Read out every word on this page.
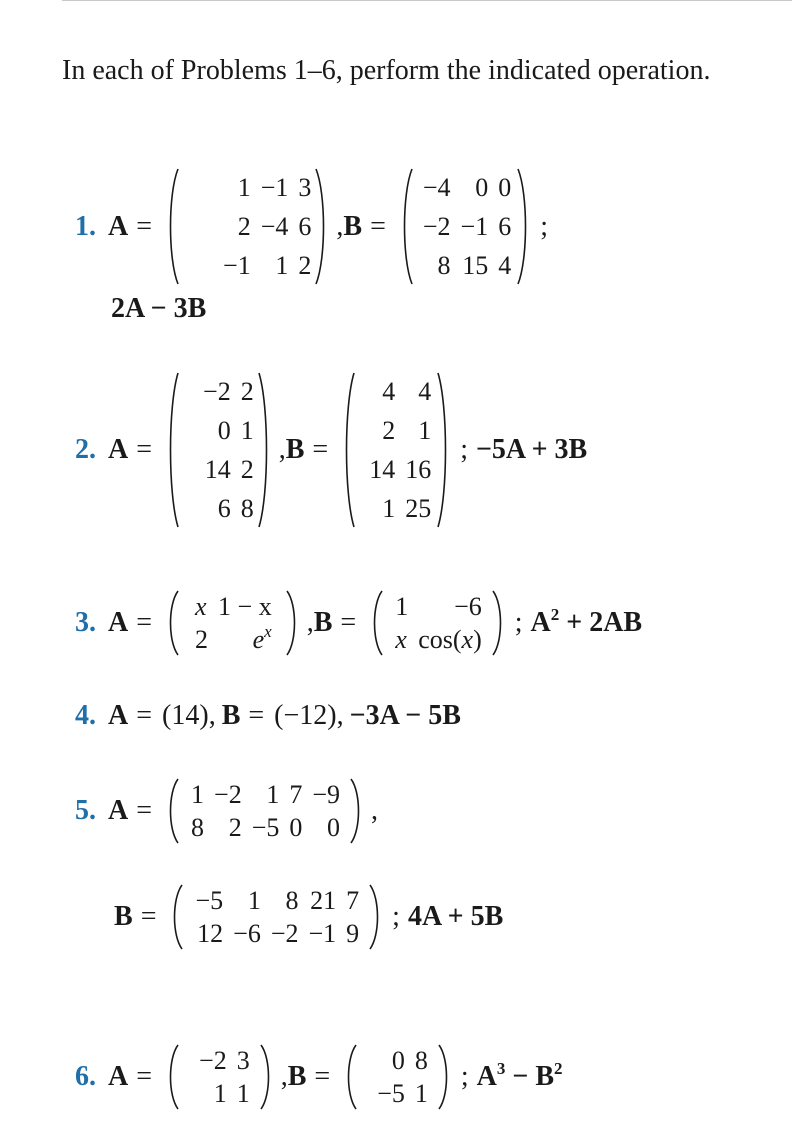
In each of Problems 1–6, perform the indicated operation.
1. A =
1	−1	3
2	−4	6
−1	1	2
, B =
−4	0	0
−2	−1	6
8	15	4
;
2A − 3B
2. A =
−2	2
0	1
14	2
6	8
, B =
4	4
2	1
14	16
1	25
; −5A + 3B
3. A =
x	1 − x
2	$e^x$ , B =
1	−6
x	cos(x)
; $A^2 + 2AB$
4. A = (14) , B = (−12) , −3A − 5B
5. A =
1	−2	1	7	−9
8	2	−5	0	0
,
B =
−5	1	8	21	7
12	−6	−2	−1	9
; 4A + 5B
6. A =
−2	3
1	1
, B =
0	8
−5	1
; $A^3 - B^2$
